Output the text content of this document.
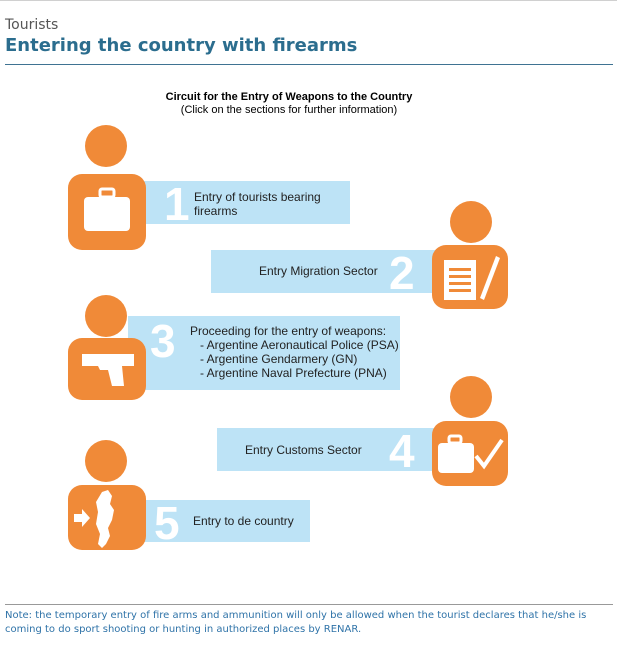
Tourists
Entering the country with firearms
Circuit for the Entry of Weapons to the Country
(Click on the sections for further information)
1 Entry of tourists bearing
firearms
Entry Migration Sector 2
3 Proceeding for the entry of weapons:
- Argentine Aeronautical Police (PSA)
- Argentine Gendarmery (GN)
- Argentine Naval Prefecture (PNA)
Entry Customs Sector 4
5 Entry to de country
Note: the temporary entry of fire arms and ammunition will only be allowed when the tourist declares that he/she is coming to do sport shooting or hunting in authorized places by RENAR.
